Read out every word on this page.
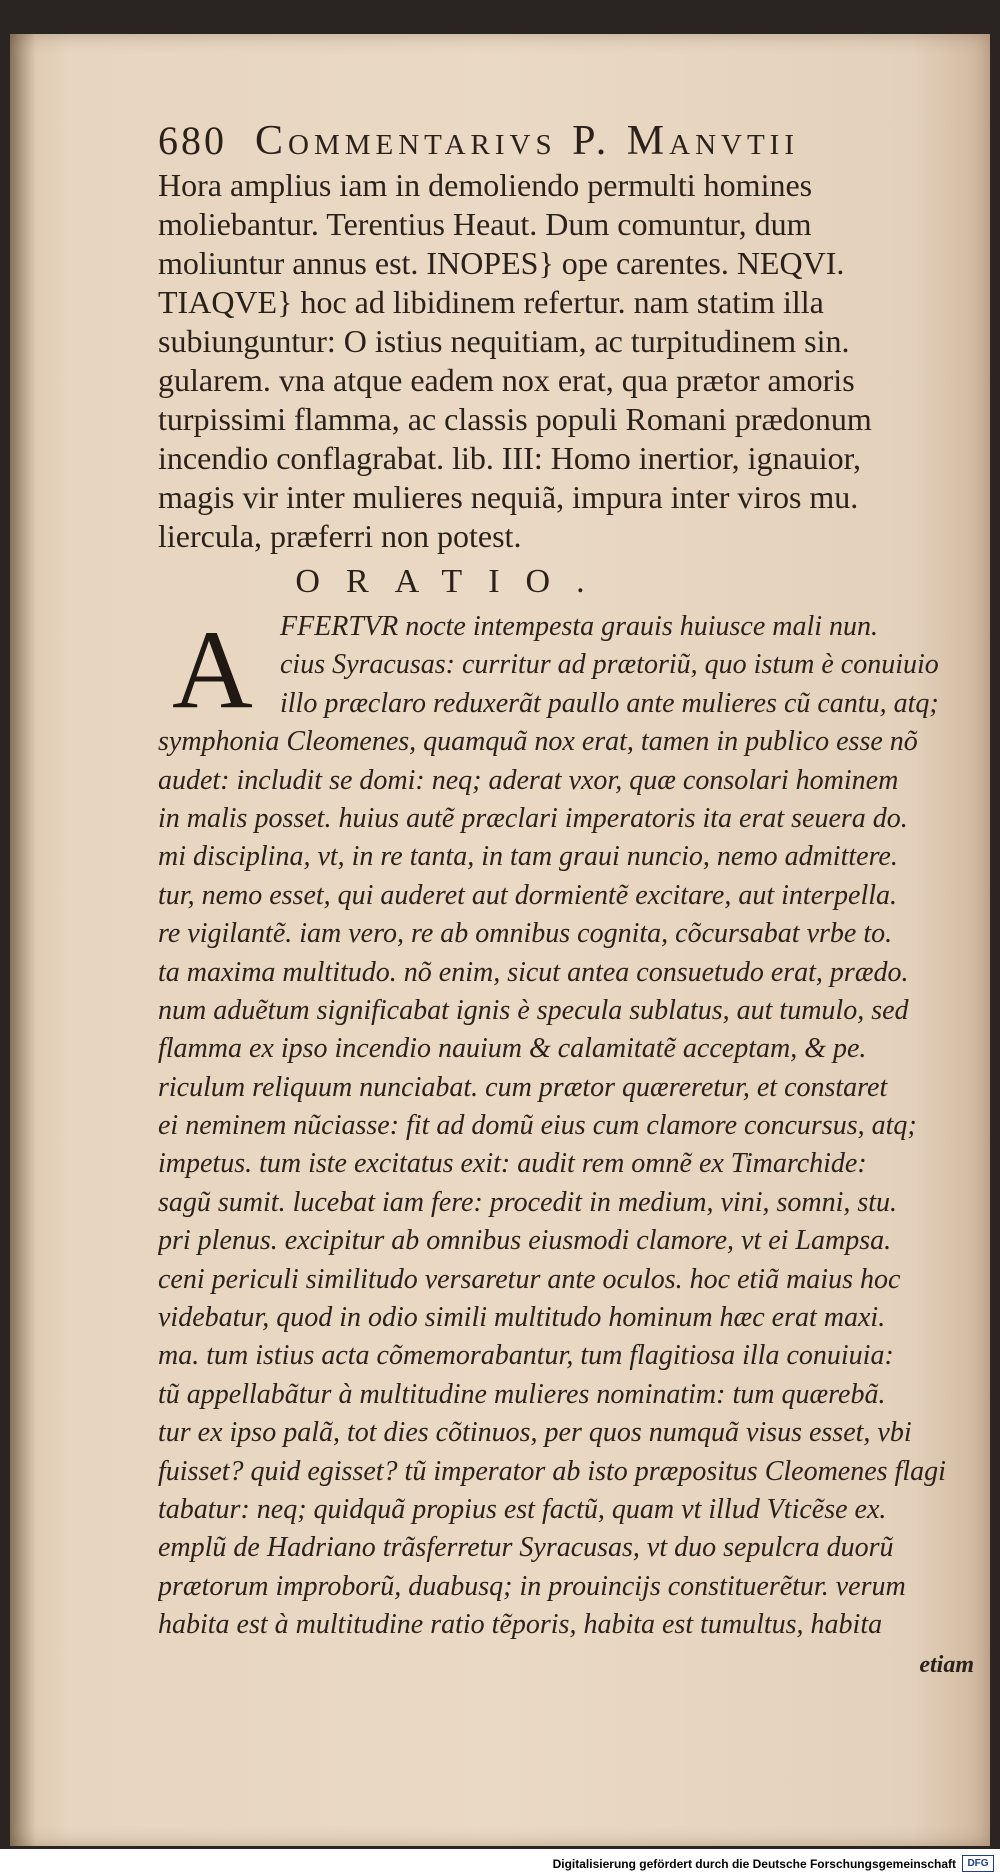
680 Commentarivs P. Manvtii
Hora amplius iam in demoliendo permulti homines
moliebantur. Terentius Heaut. Dum comuntur, dum
moliuntur annus est. INOPES} ope carentes. NEQVI.
TIAQVE} hoc ad libidinem refertur. nam statim illa
subiunguntur: O istius nequitiam, ac turpitudinem sin.
gularem. vna atque eadem nox erat, qua prætor amoris
turpissimi flamma, ac classis populi Romani prædonum
incendio conflagrabat. lib. III: Homo inertior, ignauior,
magis vir inter mulieres nequiã, impura inter viros mu.
liercula, præferri non potest.
ORATIO.
A FFERTVR nocte intempesta grauis huiusce mali nun.
cius Syracusas: curritur ad prætoriũ, quo istum è conuiuio
illo præclaro reduxerãt paullo ante mulieres cũ cantu, atq;
symphonia Cleomenes, quamquã nox erat, tamen in publico esse nõ
audet: includit se domi: neq; aderat vxor, quæ consolari hominem
in malis posset. huius autẽ præclari imperatoris ita erat seuera do.
mi disciplina, vt, in re tanta, in tam graui nuncio, nemo admittere.
tur, nemo esset, qui auderet aut dormientẽ excitare, aut interpella.
re vigilantẽ. iam vero, re ab omnibus cognita, cõcursabat vrbe to.
ta maxima multitudo. nõ enim, sicut antea consuetudo erat, prædo.
num aduẽtum significabat ignis è specula sublatus, aut tumulo, sed
flamma ex ipso incendio nauium & calamitatẽ acceptam, & pe.
riculum reliquum nunciabat. cum prætor quæreretur, et constaret
ei neminem nũciasse: fit ad domũ eius cum clamore concursus, atq;
impetus. tum iste excitatus exit: audit rem omnẽ ex Timarchide:
sagũ sumit. lucebat iam fere: procedit in medium, vini, somni, stu.
pri plenus. excipitur ab omnibus eiusmodi clamore, vt ei Lampsa.
ceni periculi similitudo versaretur ante oculos. hoc etiã maius hoc
videbatur, quod in odio simili multitudo hominum hæc erat maxi.
ma. tum istius acta cõmemorabantur, tum flagitiosa illa conuiuia:
tũ appellabãtur à multitudine mulieres nominatim: tum quærebã.
tur ex ipso palã, tot dies cõtinuos, per quos numquã visus esset, vbi
fuisset? quid egisset? tũ imperator ab isto præpositus Cleomenes flagi
tabatur: neq; quidquã propius est factũ, quam vt illud Vticẽse ex.
emplũ de Hadriano trãsferretur Syracusas, vt duo sepulcra duorũ
prætorum improborũ, duabusq; in prouincijs constituerẽtur. verum
habita est à multitudine ratio tẽporis, habita est tumultus, habita
etiam
Digitalisierung gefördert durch die Deutsche Forschungsgemeinschaft	DFG
